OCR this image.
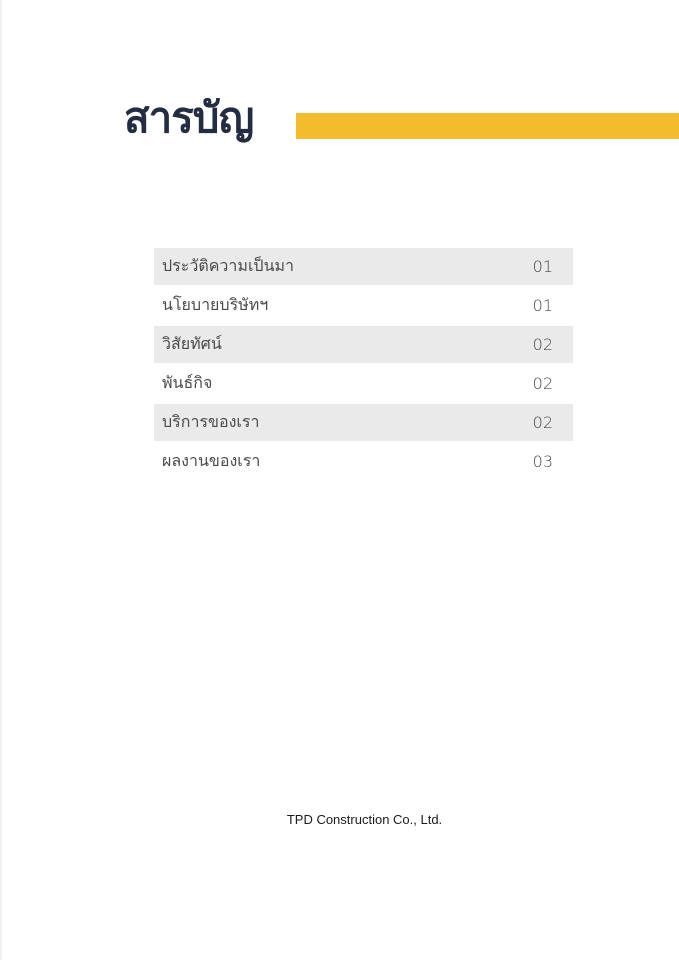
สารบัญ
ประวัติความเป็นมา	01
นโยบายบริษัทฯ	01
วิสัยทัศน์	02
พันธ์กิจ	02
บริการของเรา	02
ผลงานของเรา	03
TPD Construction Co., Ltd.
